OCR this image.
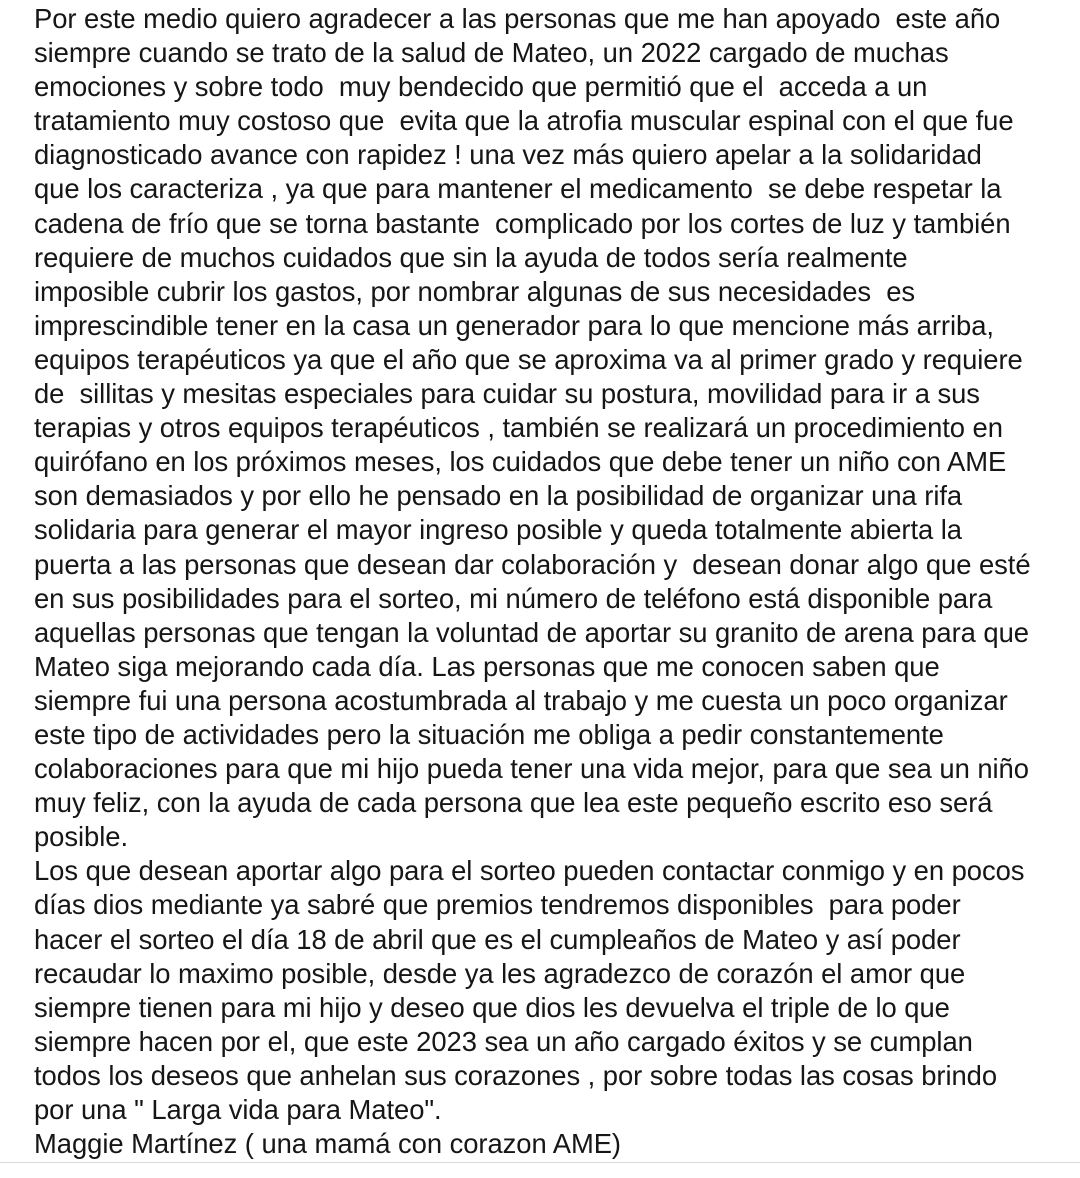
Por este medio quiero agradecer a las personas que me han apoyado  este año
siempre cuando se trato de la salud de Mateo, un 2022 cargado de muchas
emociones y sobre todo  muy bendecido que permitió que el  acceda a un
tratamiento muy costoso que  evita que la atrofia muscular espinal con el que fue
diagnosticado avance con rapidez ! una vez más quiero apelar a la solidaridad
que los caracteriza , ya que para mantener el medicamento  se debe respetar la
cadena de frío que se torna bastante  complicado por los cortes de luz y también
requiere de muchos cuidados que sin la ayuda de todos sería realmente
imposible cubrir los gastos, por nombrar algunas de sus necesidades  es
imprescindible tener en la casa un generador para lo que mencione más arriba,
equipos terapéuticos ya que el año que se aproxima va al primer grado y requiere
de  sillitas y mesitas especiales para cuidar su postura, movilidad para ir a sus
terapias y otros equipos terapéuticos , también se realizará un procedimiento en
quirófano en los próximos meses, los cuidados que debe tener un niño con AME
son demasiados y por ello he pensado en la posibilidad de organizar una rifa
solidaria para generar el mayor ingreso posible y queda totalmente abierta la
puerta a las personas que desean dar colaboración y  desean donar algo que esté
en sus posibilidades para el sorteo, mi número de teléfono está disponible para
aquellas personas que tengan la voluntad de aportar su granito de arena para que
Mateo siga mejorando cada día. Las personas que me conocen saben que
siempre fui una persona acostumbrada al trabajo y me cuesta un poco organizar
este tipo de actividades pero la situación me obliga a pedir constantemente
colaboraciones para que mi hijo pueda tener una vida mejor, para que sea un niño
muy feliz, con la ayuda de cada persona que lea este pequeño escrito eso será
posible.
Los que desean aportar algo para el sorteo pueden contactar conmigo y en pocos
días dios mediante ya sabré que premios tendremos disponibles  para poder
hacer el sorteo el día 18 de abril que es el cumpleaños de Mateo y así poder
recaudar lo maximo posible, desde ya les agradezco de corazón el amor que
siempre tienen para mi hijo y deseo que dios les devuelva el triple de lo que
siempre hacen por el, que este 2023 sea un año cargado éxitos y se cumplan
todos los deseos que anhelan sus corazones , por sobre todas las cosas brindo
por una " Larga vida para Mateo".
Maggie Martínez ( una mamá con corazon AME)
